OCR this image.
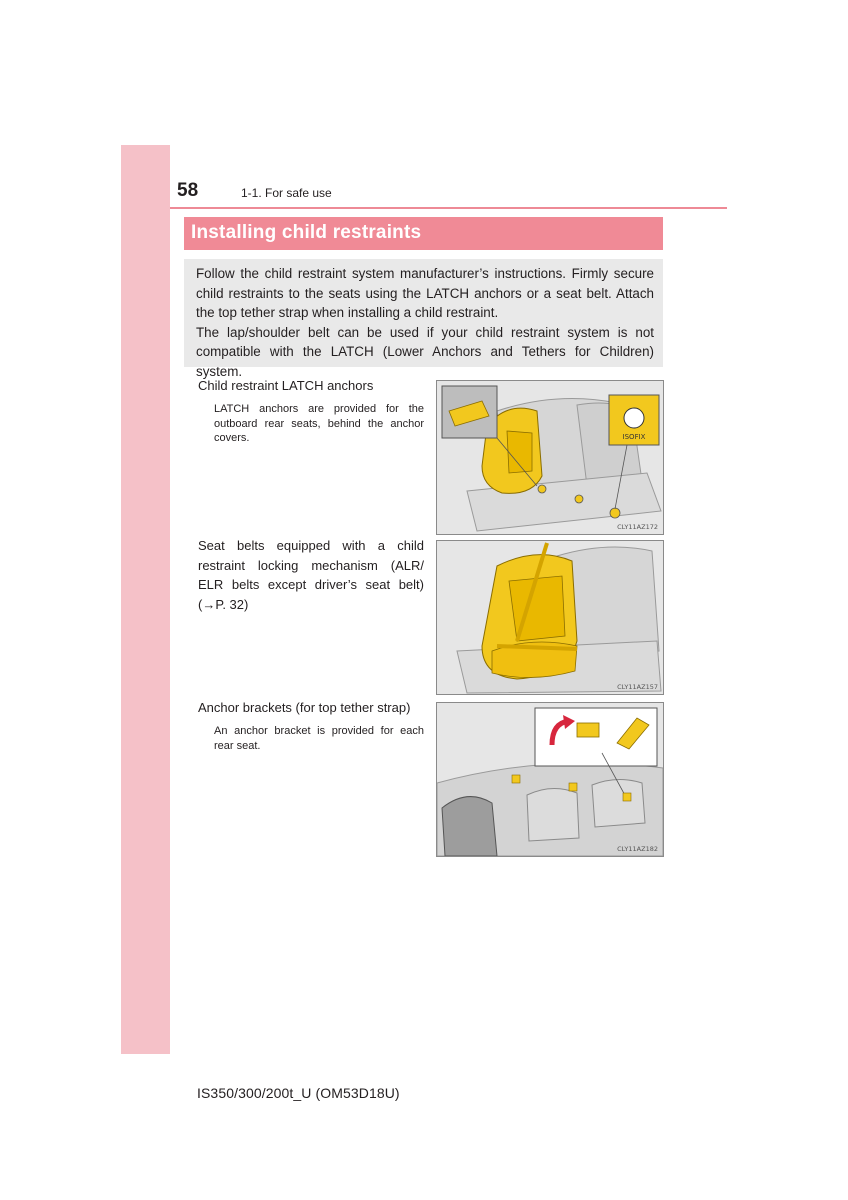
58	1-1. For safe use
Installing child restraints

Follow the child restraint system manufacturer’s instructions. Firmly secure child restraints to the seats using the LATCH anchors or a seat belt. Attach the top tether strap when installing a child restraint.

The lap/shoulder belt can be used if your child restraint system is not compatible with the LATCH (Lower Anchors and Tethers for Children) system.

Child restraint LATCH anchors
LATCH anchors are provided for the outboard rear seats, behind the anchor covers.	ISOFIX
CLY11AZ172
Seat belts equipped with a child restraint locking mechanism (ALR/ ELR belts except driver’s seat belt) (→P. 32)
CLY11AZ157
Anchor brackets (for top tether strap)
An anchor bracket is provided for each rear seat.
CLY11AZ182
IS350/300/200t_U (OM53D18U)
